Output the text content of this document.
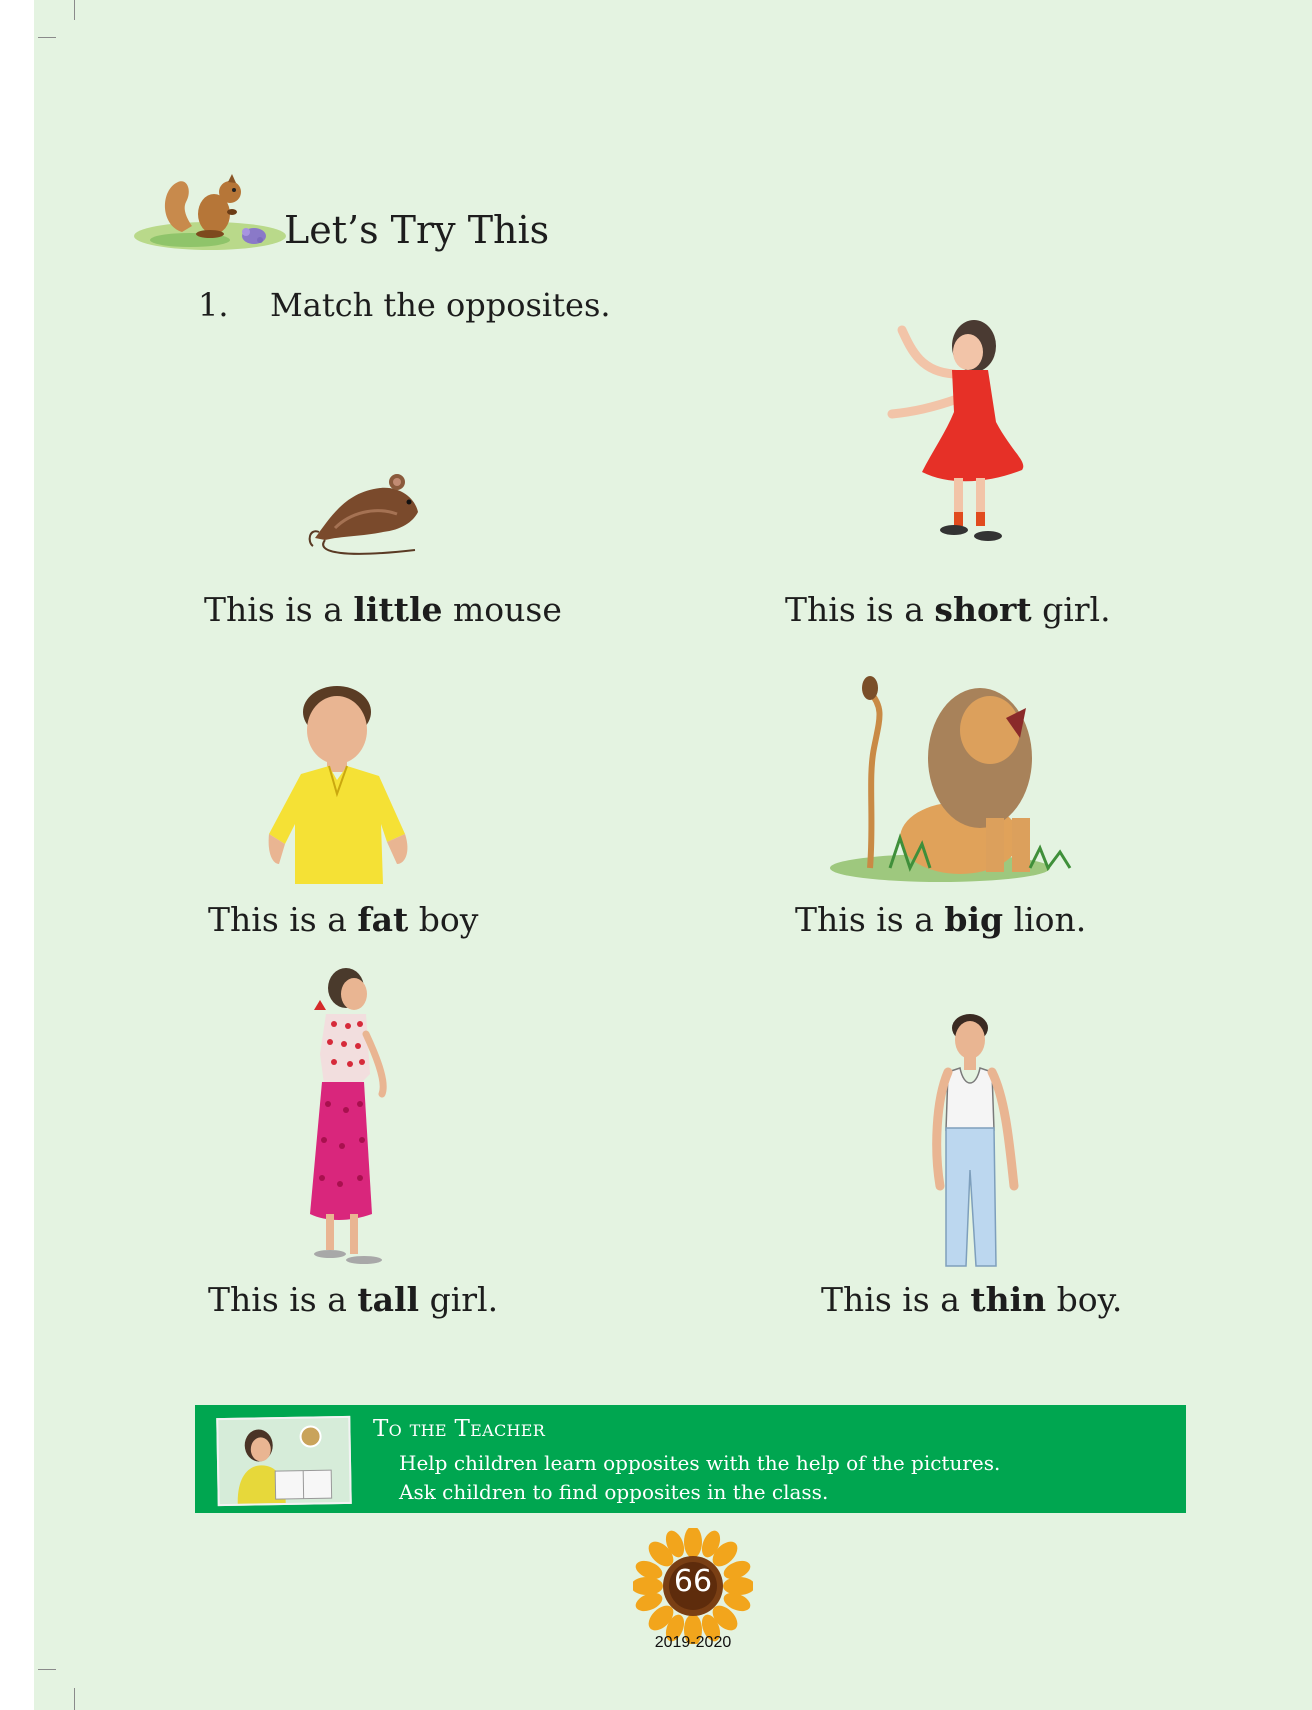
Let’s Try This
1. Match the opposites.
This is a little mouse	This is a short girl.
This is a fat boy	This is a big lion.
This is a tall girl.	This is a thin boy.
To the Teacher
Help children learn opposites with the help of the pictures.
Ask children to find opposites in the class.
66
2019-2020
